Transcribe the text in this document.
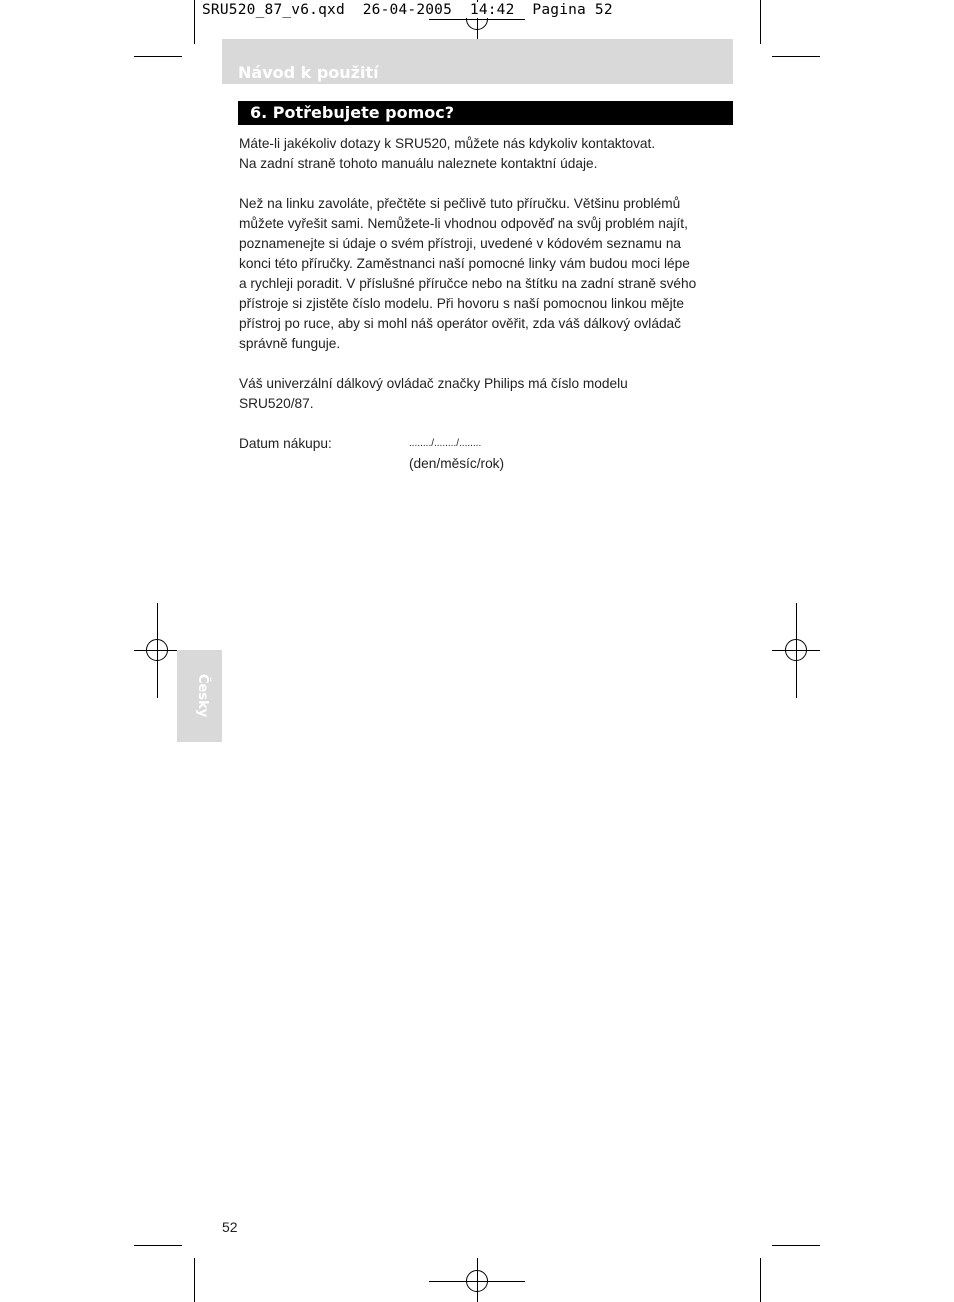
SRU520_87_v6.qxd  26-04-2005  14:42  Pagina 52
Návod k použití
6. Potřebujete pomoc?

Máte-li jakékoliv dotazy k SRU520, můžete nás kdykoliv kontaktovat.
Na zadní straně tohoto manuálu naleznete kontaktní údaje.

Než na linku zavoláte, přečtěte si pečlivě tuto příručku. Většinu problémů
můžete vyřešit sami. Nemůžete-li vhodnou odpověď na svůj problém najít,
poznamenejte si údaje o svém přístroji, uvedené v kódovém seznamu na
konci této příručky. Zaměstnanci naší pomocné linky vám budou moci lépe
a rychleji poradit. V příslušné příručce nebo na štítku na zadní straně svého
přístroje si zjistěte číslo modelu. Při hovoru s naší pomocnou linkou mějte
přístroj po ruce, aby si mohl náš operátor ověřit, zda váš dálkový ovládač
správně funguje.

Váš univerzální dálkový ovládač značky Philips má číslo modelu
SRU520/87.

Datum nákupu:	......../......../........
(den/měsíc/rok)
Česky
52
